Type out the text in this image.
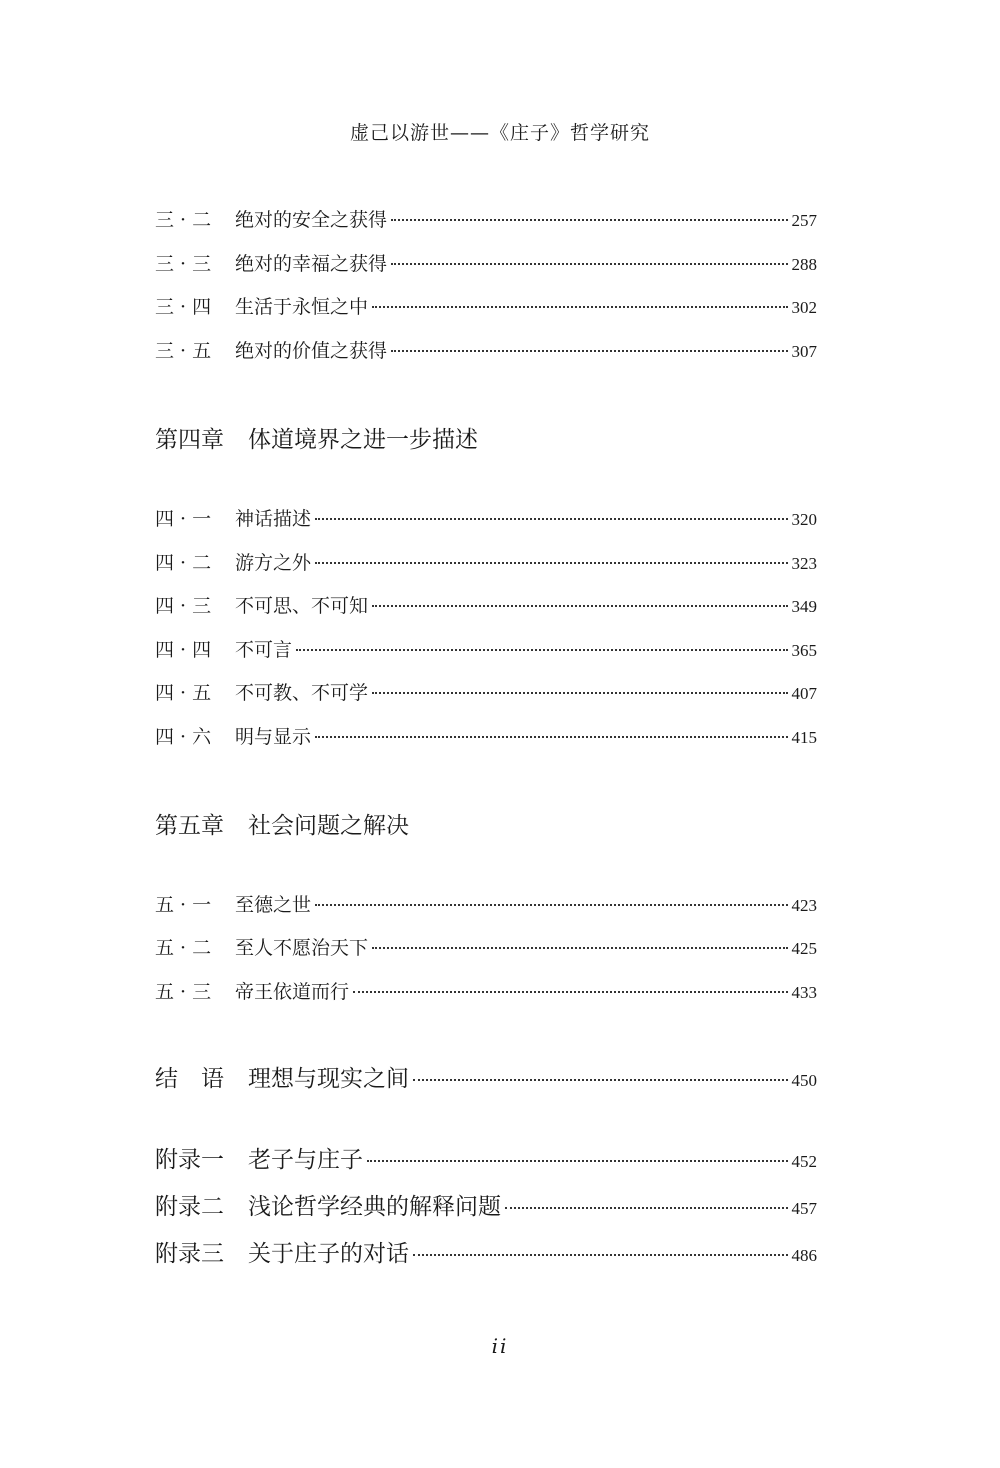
虚己以游世——《庄子》哲学研究
三 · 二	绝对的安全之获得	257
三 · 三	绝对的幸福之获得	288
三 · 四	生活于永恒之中	302
三 · 五	绝对的价值之获得	307
第四章	体道境界之进一步描述
四 · 一	神话描述	320
四 · 二	游方之外	323
四 · 三	不可思、不可知	349
四 · 四	不可言	365
四 · 五	不可教、不可学	407
四 · 六	明与显示	415
第五章	社会问题之解决
五 · 一	至德之世	423
五 · 二	至人不愿治天下	425
五 · 三	帝王依道而行	433
结　语	理想与现实之间	450
附录一	老子与庄子	452
附录二	浅论哲学经典的解释问题	457
附录三	关于庄子的对话	486
ii
